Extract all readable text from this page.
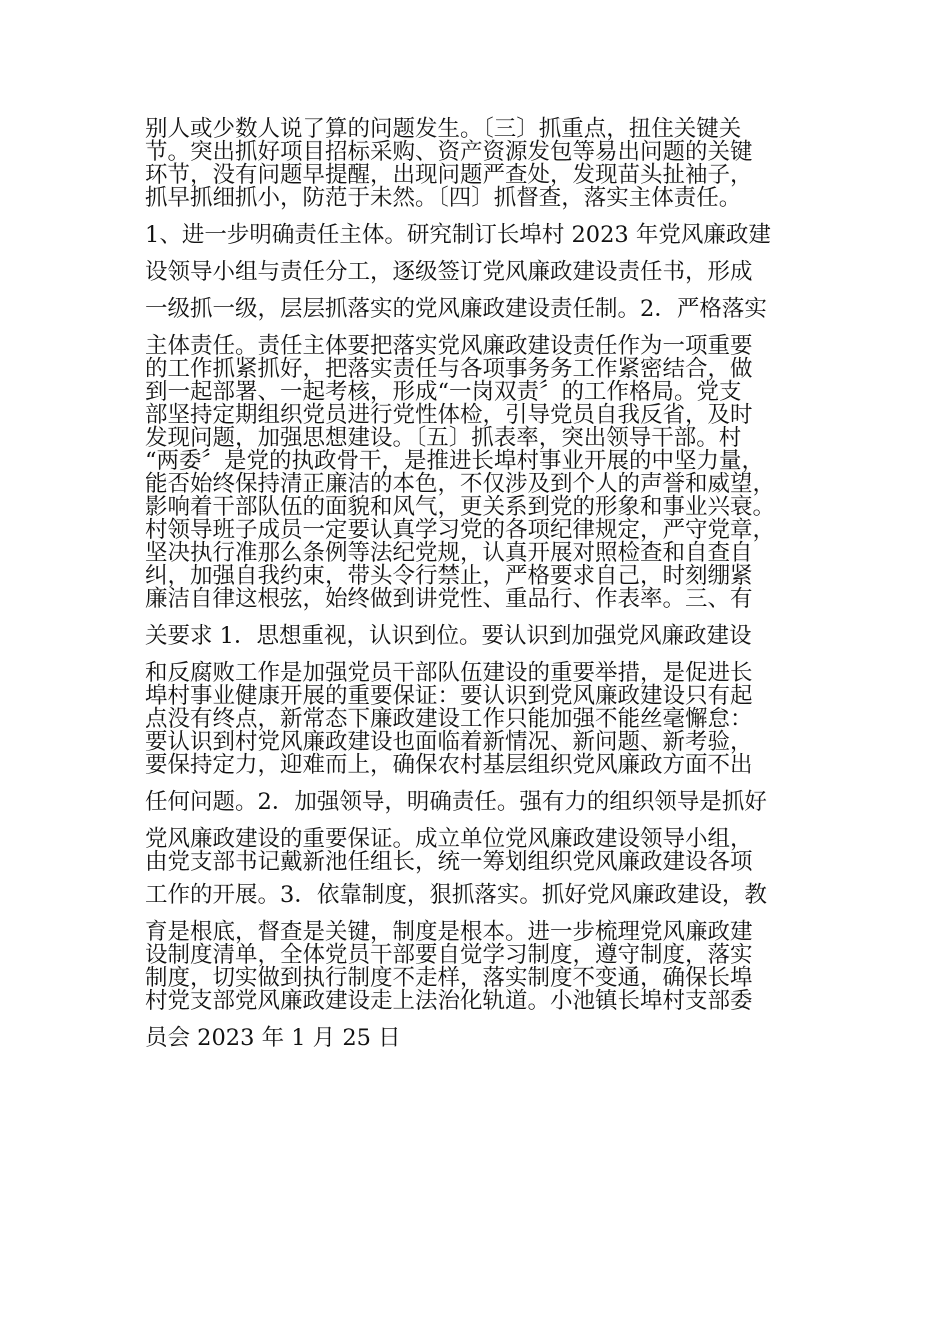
别人或少数人说了算的问题发生。〔三〕抓重点，扭住关键关
节。突出抓好项目招标采购、资产资源发包等易出问题的关键
环节，没有问题早提醒，出现问题严查处，发现苗头扯袖子，
抓早抓细抓小，防范于未然。〔四〕抓督查，落实主体责任。
1、进一步明确责任主体。研究制订长埠村 2023 年党风廉政建
设领导小组与责任分工，逐级签订党风廉政建设责任书，形成
一级抓一级，层层抓落实的党风廉政建设责任制。2．严格落实
主体责任。责任主体要把落实党风廉政建设责任作为一项重要
的工作抓紧抓好，把落实责任与各项事务务工作紧密结合，做
到一起部署、一起考核，形成“一岗双责〞的工作格局。党支
部坚持定期组织党员进行党性体检，引导党员自我反省，及时
发现问题，加强思想建设。〔五〕抓表率，突出领导干部。村
“两委〞是党的执政骨干，是推进长埠村事业开展的中坚力量，
能否始终保持清正廉洁的本色，不仅涉及到个人的声誉和威望，
影响着干部队伍的面貌和风气，更关系到党的形象和事业兴衰。
村领导班子成员一定要认真学习党的各项纪律规定，严守党章，
坚决执行准那么条例等法纪党规，认真开展对照检查和自查自
纠，加强自我约束，带头令行禁止，严格要求自己，时刻绷紧
廉洁自律这根弦，始终做到讲党性、重品行、作表率。三、有
关要求 1．思想重视，认识到位。要认识到加强党风廉政建设
和反腐败工作是加强党员干部队伍建设的重要举措，是促进长
埠村事业健康开展的重要保证：要认识到党风廉政建设只有起
点没有终点，新常态下廉政建设工作只能加强不能丝毫懈怠：
要认识到村党风廉政建设也面临着新情况、新问题、新考验，
要保持定力，迎难而上，确保农村基层组织党风廉政方面不出
任何问题。2．加强领导，明确责任。强有力的组织领导是抓好
党风廉政建设的重要保证。成立单位党风廉政建设领导小组，
由党支部书记戴新池任组长，统一筹划组织党风廉政建设各项
工作的开展。3．依靠制度，狠抓落实。抓好党风廉政建设，教
育是根底，督查是关键，制度是根本。进一步梳理党风廉政建
设制度清单，全体党员干部要自觉学习制度，遵守制度，落实
制度，切实做到执行制度不走样，落实制度不变通，确保长埠
村党支部党风廉政建设走上法治化轨道。小池镇长埠村支部委
员会 2023 年 1 月 25 日
